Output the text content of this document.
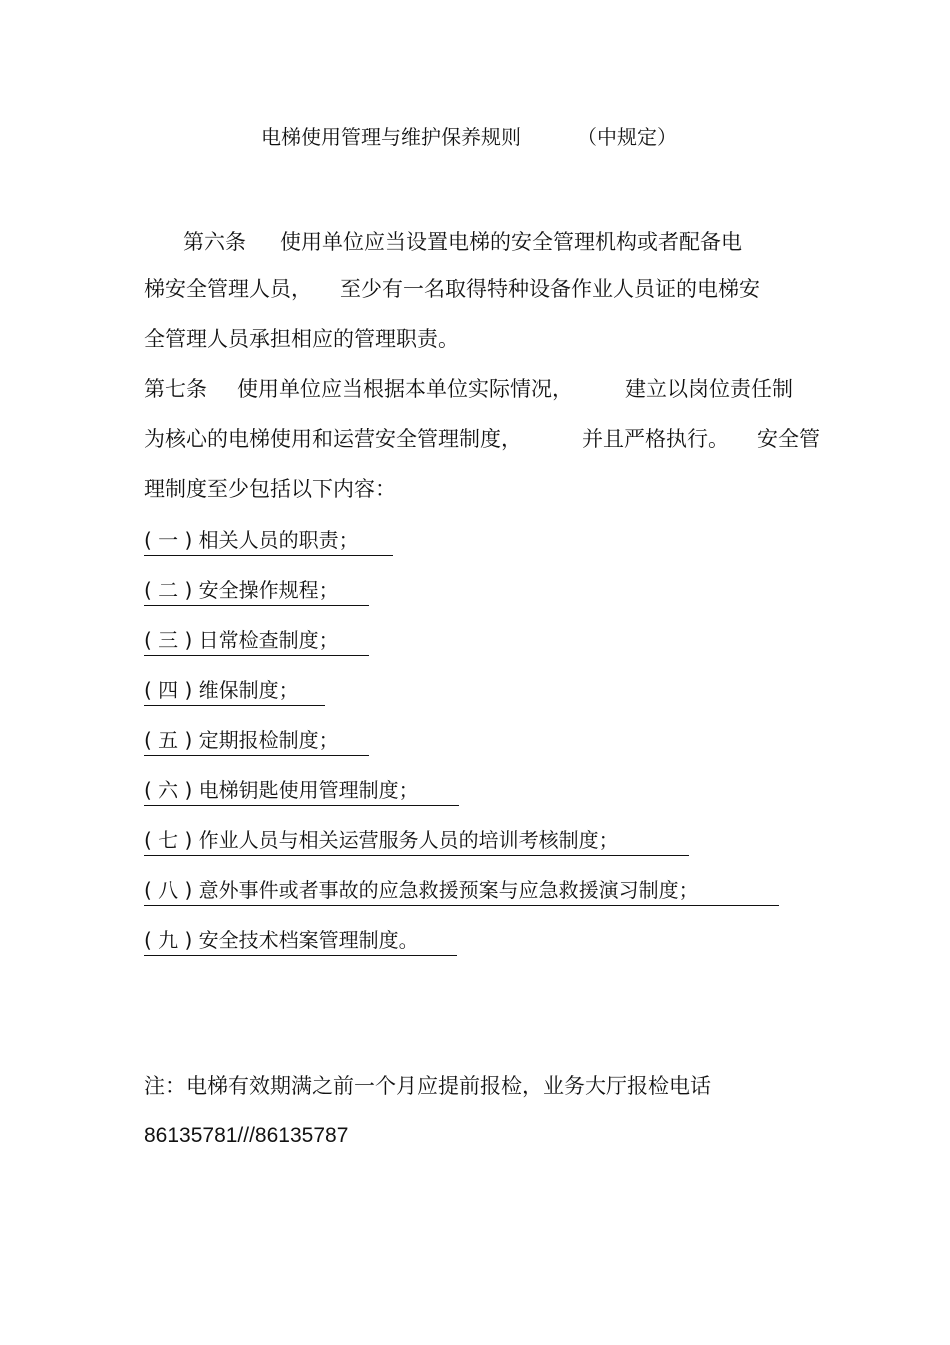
电梯使用管理与维护保养规则	（中规定）
第六条 使用单位应当设置电梯的安全管理机构或者配备电
梯安全管理人员， 至少有一名取得特种设备作业人员证的电梯安
全管理人员承担相应的管理职责。
第七条 使用单位应当根据本单位实际情况， 建立以岗位责任制
为核心的电梯使用和运营安全管理制度，	并且严格执行。 安全管
理制度至少包括以下内容：
( 一 ) 相关人员的职责；
( 二 ) 安全操作规程；
( 三 ) 日常检查制度；
( 四 ) 维保制度；
( 五 ) 定期报检制度；
( 六 ) 电梯钥匙使用管理制度；
( 七 ) 作业人员与相关运营服务人员的培训考核制度；
( 八 ) 意外事件或者事故的应急救援预案与应急救援演习制度；
( 九 ) 安全技术档案管理制度。
注：电梯有效期满之前一个月应提前报检，业务大厅报检电话
86135781///86135787
